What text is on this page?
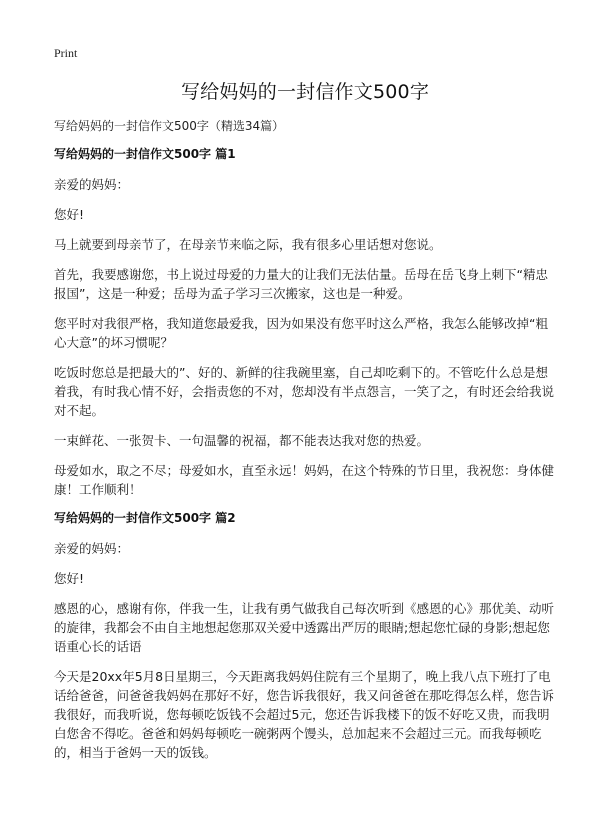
Print
写给妈妈的一封信作文500字
写给妈妈的一封信作文500字（精选34篇）
写给妈妈的一封信作文500字 篇1

亲爱的妈妈：

您好!

马上就要到母亲节了，在母亲节来临之际，我有很多心里话想对您说。

首先，我要感谢您，书上说过母爱的力量大的让我们无法估量。岳母在岳飞身上刺下“精忠报国”，这是一种爱；岳母为孟子学习三次搬家，这也是一种爱。

您平时对我很严格，我知道您最爱我，因为如果没有您平时这么严格，我怎么能够改掉“粗心大意”的坏习惯呢？

吃饭时您总是把最大的”、好的、新鲜的往我碗里塞，自己却吃剩下的。不管吃什么总是想着我，有时我心情不好，会指责您的不对，您却没有半点怨言，一笑了之，有时还会给我说对不起。

一束鲜花、一张贺卡、一句温馨的祝福，都不能表达我对您的热爱。

母爱如水，取之不尽；母爱如水，直至永远！妈妈，在这个特殊的节日里，我祝您：身体健康！工作顺利！

写给妈妈的一封信作文500字 篇2

亲爱的妈妈：

您好!

感恩的心，感谢有你，伴我一生，让我有勇气做我自己每次听到《感恩的心》那优美、动听的旋律，我都会不由自主地想起您那双关爱中透露出严厉的眼睛;想起您忙碌的身影;想起您语重心长的话语

今天是20xx年5月8日星期三，今天距离我妈妈住院有三个星期了，晚上我八点下班打了电话给爸爸，问爸爸我妈妈在那好不好，您告诉我很好，我又问爸爸在那吃得怎么样，您告诉我很好，而我听说，您每顿吃饭钱不会超过5元，您还告诉我楼下的饭不好吃又贵，而我明白您舍不得吃。爸爸和妈妈每顿吃一碗粥两个馒头，总加起来不会超过三元。而我每顿吃的，相当于爸妈一天的饭钱。
